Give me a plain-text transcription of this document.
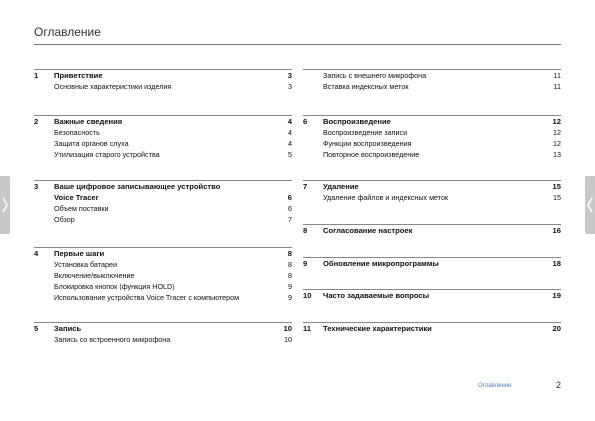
Оглавление
1	Приветствие	3
Основные характеристики изделия	3
2	Важные сведения	4
Безопасность	4
Защита органов слуха	4
Утилизация старого устройства	5
3	Ваше цифровое записывающее устройство
Voice Tracer	6
Объем поставки	6
Обзор	7
4	Первые шаги	8
Установка батареи	8
Включение/выключение	8
Блокировка кнопок (функция HOLD)	9
Использование устройства Voice Tracer с компьютером	9
5	Запись	10
Запись со встроенного микрофона	10
Запись с внешнего микрофона	11
Вставка индексных меток	11
6	Воспроизведение	12
Воспроизведение записи	12
Функции воспроизведения	12
Повторное воспроизведение	13
7	Удаление	15
Удаление файлов и индексных меток	15
8	Согласование настроек	16
9	Обновление микропрограммы	18
10	Часто задаваемые вопросы	19
11	Технические характеристики	20
Оглавление	2
